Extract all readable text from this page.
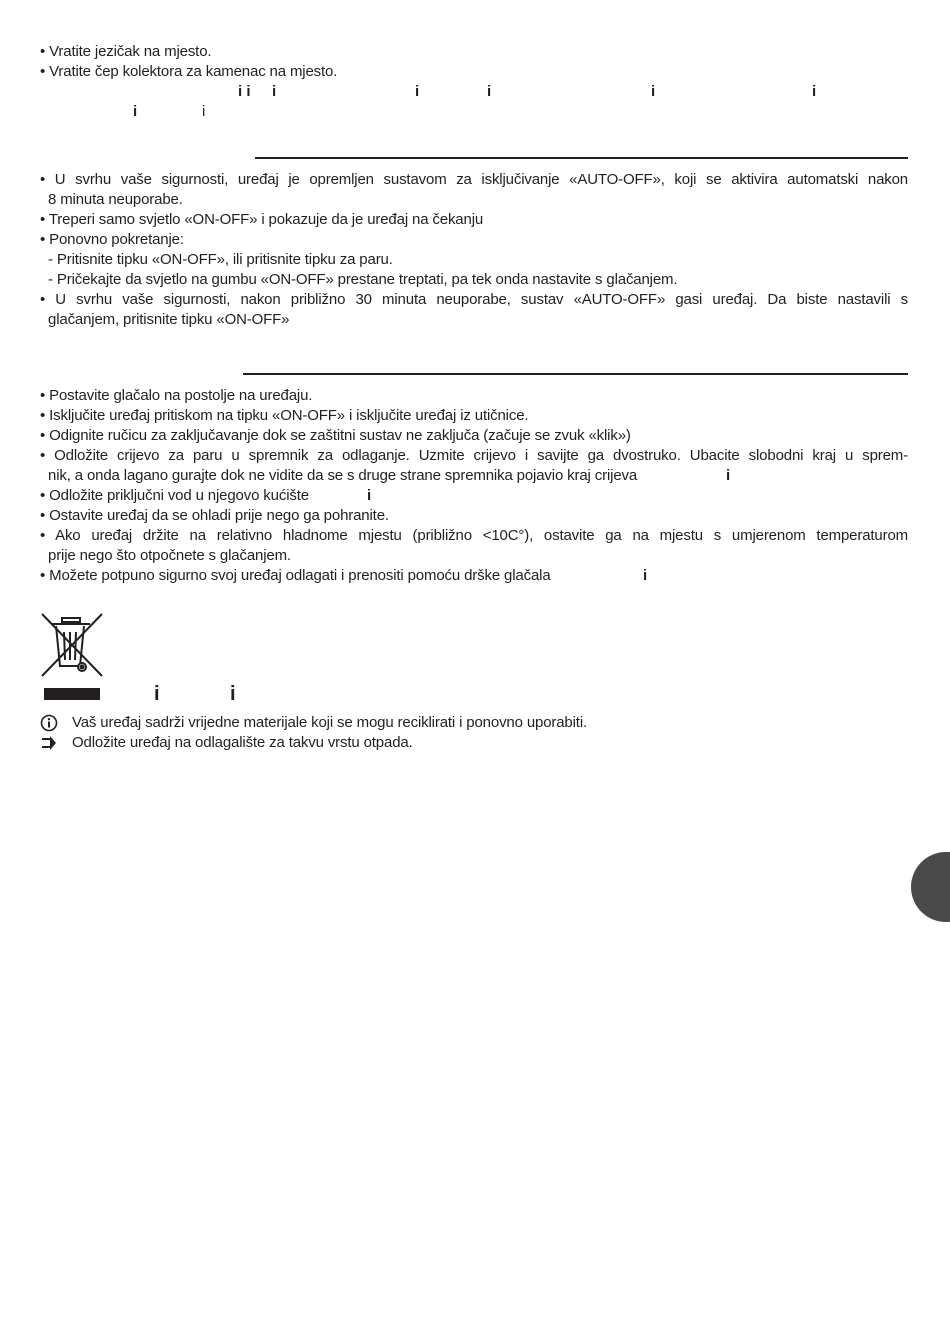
• Vratite jezičak na mjesto.
• Vratite čep kolektora za kamenac na mjesto.
i i i	i	i	i	i
i	i
• U svrhu vaše sigurnosti, uređaj je opremljen sustavom za isključivanje «AUTO-OFF», koji se aktivira automatski nakon
8 minuta neuporabe.
• Treperi samo svjetlo «ON-OFF» i pokazuje da je uređaj na čekanju
• Ponovno pokretanje:
- Pritisnite tipku «ON-OFF», ili pritisnite tipku za paru.
- Pričekajte da svjetlo na gumbu «ON-OFF» prestane treptati, pa tek onda nastavite s glačanjem.
• U svrhu vaše sigurnosti, nakon približno 30 minuta neuporabe, sustav «AUTO-OFF» gasi uređaj. Da biste nastavili s
glačanjem, pritisnite tipku «ON-OFF»
• Postavite glačalo na postolje na uređaju.
• Isključite uređaj pritiskom na tipku «ON-OFF» i isključite uređaj iz utičnice.
• Odignite ručicu za zaključavanje dok se zaštitni sustav ne zaključa (začuje se zvuk «klik»)
• Odložite crijevo za paru u spremnik za odlaganje. Uzmite crijevo i savijte ga dvostruko. Ubacite slobodni kraj u sprem-
nik, a onda lagano gurajte dok ne vidite da se s druge strane spremnika pojavio kraj crijeva	i
• Odložite priključni vod u njegovo kućište	i
• Ostavite uređaj da se ohladi prije nego ga pohranite.
• Ako uređaj držite na relativno hladnome mjestu (približno <10C°), ostavite ga na mjestu s umjerenom temperaturom
prije nego što otpočnete s glačanjem.
• Možete potpuno sigurno svoj uređaj odlagati i prenositi pomoću drške glačala	i
i	i
Vaš uređaj sadrži vrijedne materijale koji se mogu reciklirati i ponovno uporabiti.
Odložite uređaj na odlagalište za takvu vrstu otpada.
